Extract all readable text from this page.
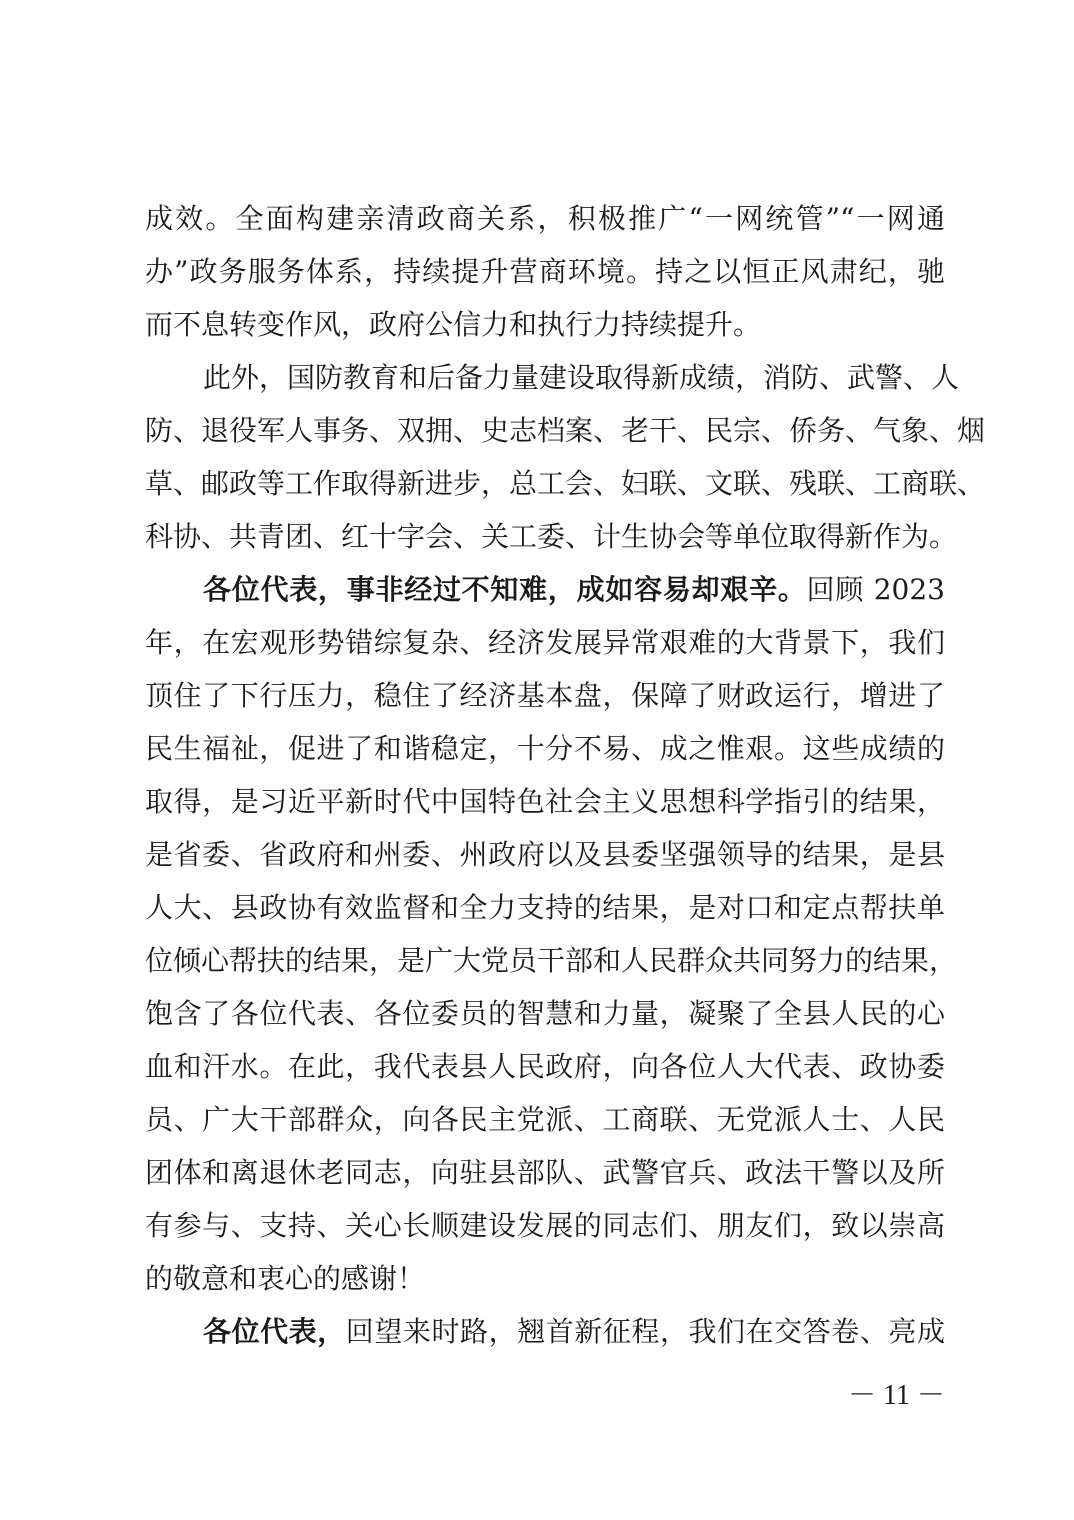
成效。全面构建亲清政商关系，积极推广“一网统管”“一网通
办”政务服务体系，持续提升营商环境。持之以恒正风肃纪，驰
而不息转变作风，政府公信力和执行力持续提升。
此外，国防教育和后备力量建设取得新成绩，消防、武警、人
防、退役军人事务、双拥、史志档案、老干、民宗、侨务、气象、烟
草、邮政等工作取得新进步，总工会、妇联、文联、残联、工商联、
科协、共青团、红十字会、关工委、计生协会等单位取得新作为。
各位代表，事非经过不知难，成如容易却艰辛。回顾 2023
年，在宏观形势错综复杂、经济发展异常艰难的大背景下，我们
顶住了下行压力，稳住了经济基本盘，保障了财政运行，增进了
民生福祉，促进了和谐稳定，十分不易、成之惟艰。这些成绩的
取得，是习近平新时代中国特色社会主义思想科学指引的结果，
是省委、省政府和州委、州政府以及县委坚强领导的结果，是县
人大、县政协有效监督和全力支持的结果，是对口和定点帮扶单
位倾心帮扶的结果，是广大党员干部和人民群众共同努力的结果，
饱含了各位代表、各位委员的智慧和力量，凝聚了全县人民的心
血和汗水。在此，我代表县人民政府，向各位人大代表、政协委
员、广大干部群众，向各民主党派、工商联、无党派人士、人民
团体和离退休老同志，向驻县部队、武警官兵、政法干警以及所
有参与、支持、关心长顺建设发展的同志们、朋友们，致以崇高
的敬意和衷心的感谢！
各位代表，回望来时路，翘首新征程，我们在交答卷、亮成
－ 11 －
